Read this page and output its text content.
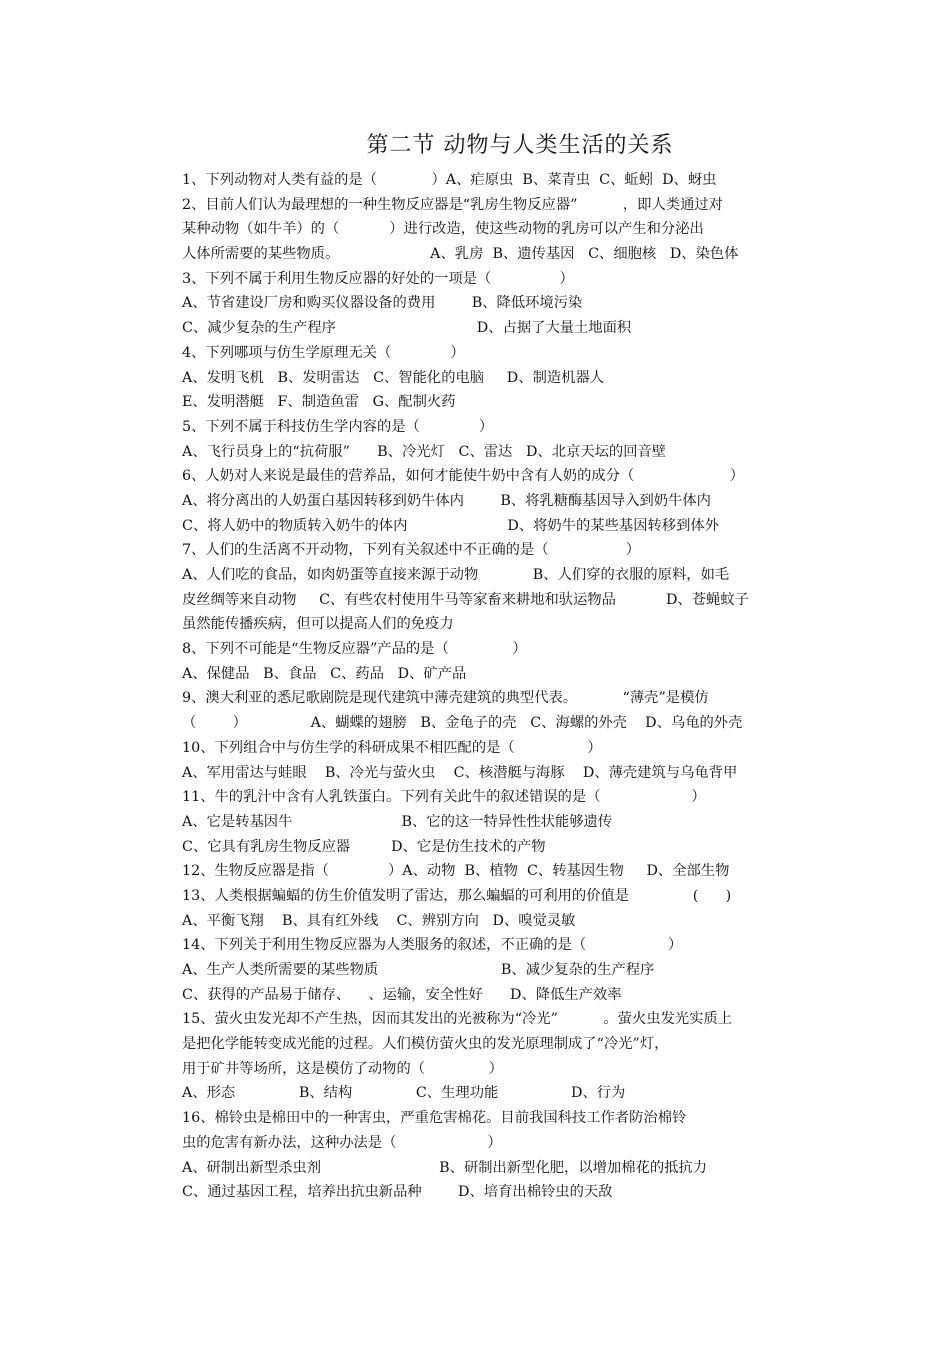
第二节 动物与人类生活的关系
1、下列动物对人类有益的是（            ）A、疟原虫  B、菜青虫  C、蚯蚓  D、蚜虫
2、目前人们认为最理想的一种生物反应器是“乳房生物反应器”          ，即人类通过对
某种动物（如牛羊）的（           ）进行改造，使这些动物的乳房可以产生和分泌出
人体所需要的某些物质。                    A、乳房  B、遗传基因   C、细胞核   D、染色体
3、下列不属于利用生物反应器的好处的一项是（               ）
A、节省建设厂房和购买仪器设备的费用        B、降低环境污染
C、减少复杂的生产程序                               D、占据了大量土地面积
4、下列哪项与仿生学原理无关（             ）
A、发明飞机   B、发明雷达   C、智能化的电脑     D、制造机器人
E、发明潜艇   F、制造鱼雷   G、配制火药
5、下列不属于科技仿生学内容的是（             ）
A、飞行员身上的“抗荷服”      B、冷光灯   C、雷达   D、北京天坛的回音壁
6、人奶对人来说是最佳的营养品，如何才能使牛奶中含有人奶的成分（                     ）
A、将分离出的人奶蛋白基因转移到奶牛体内        B、将乳糖酶基因导入到奶牛体内
C、将人奶中的物质转入奶牛的体内                      D、将奶牛的某些基因转移到体外
7、人们的生活离不开动物，下列有关叙述中不正确的是（                 ）
A、人们吃的食品，如肉奶蛋等直接来源于动物            B、人们穿的衣服的原料，如毛
皮丝绸等来自动物     C、有些农村使用牛马等家畜来耕地和驮运物品           D、苍蝇蚊子
虽然能传播疾病，但可以提高人们的免疫力
8、下列不可能是“生物反应器”产品的是（              ）
A、保健品   B、食品   C、药品   D、矿产品
9、澳大利亚的悉尼歌剧院是现代建筑中薄壳建筑的典型代表。          “薄壳”是模仿
（        ）              A、蝴蝶的翅膀   B、金龟子的壳   C、海螺的外壳    D、乌龟的外壳
10、下列组合中与仿生学的科研成果不相匹配的是（                ）
A、军用雷达与蛙眼    B、冷光与萤火虫    C、核潜艇与海豚    D、薄壳建筑与乌龟背甲
11、牛的乳汁中含有人乳铁蛋白。下列有关此牛的叙述错误的是（                    ）
A、它是转基因牛                        B、它的这一特异性性状能够遗传
C、它具有乳房生物反应器         D、它是仿生技术的产物
12、生物反应器是指（             ）A、动物  B、植物  C、转基因生物     D、全部生物
13、人类根据蝙蝠的仿生价值发明了雷达，那么蝙蝠的可利用的价值是              (      )
A、平衡飞翔    B、具有红外线    C、辨别方向   D、嗅觉灵敏
14、下列关于利用生物反应器为人类服务的叙述，不正确的是（                  ）
A、生产人类所需要的某些物质                           B、减少复杂的生产程序
C、获得的产品易于储存、    、运输，安全性好      D、降低生产效率
15、萤火虫发光却不产生热，因而其发出的光被称为“冷光”          。萤火虫发光实质上
是把化学能转变成光能的过程。人们模仿萤火虫的发光原理制成了“冷光”灯，
用于矿井等场所，这是模仿了动物的（              ）
A、形态              B、结构              C、生理功能                D、行为
16、棉铃虫是棉田中的一种害虫，严重危害棉花。目前我国科技工作者防治棉铃
虫的危害有新办法，这种办法是（                    ）
A、研制出新型杀虫剂                          B、研制出新型化肥，以增加棉花的抵抗力
C、通过基因工程，培养出抗虫新品种        D、培育出棉铃虫的天敌
